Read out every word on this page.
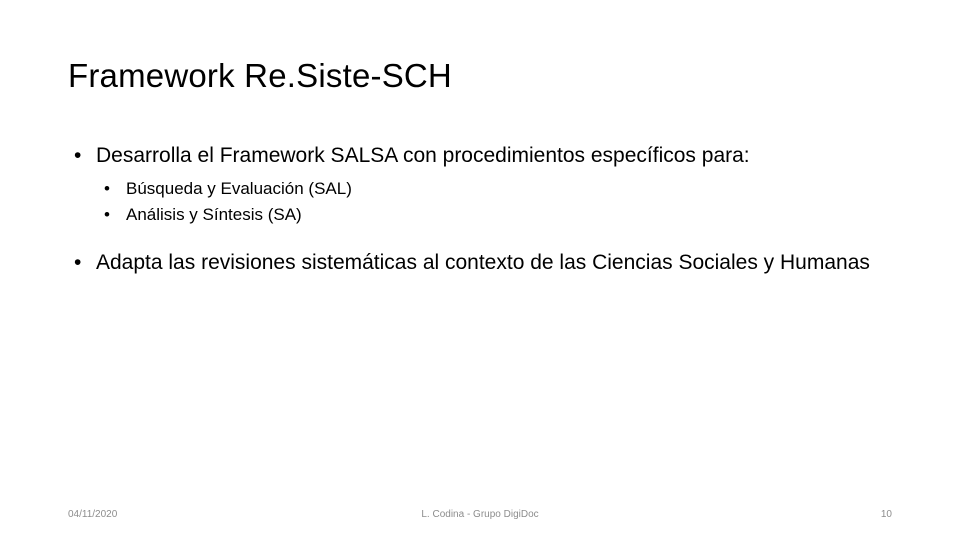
Framework Re.Siste-SCH
• Desarrolla el Framework SALSA con procedimientos específicos para:
• Búsqueda y Evaluación (SAL)
• Análisis y Síntesis (SA)
• Adapta las revisiones sistemáticas al contexto de las Ciencias Sociales y Humanas
04/11/2020	L. Codina - Grupo DigiDoc	10
